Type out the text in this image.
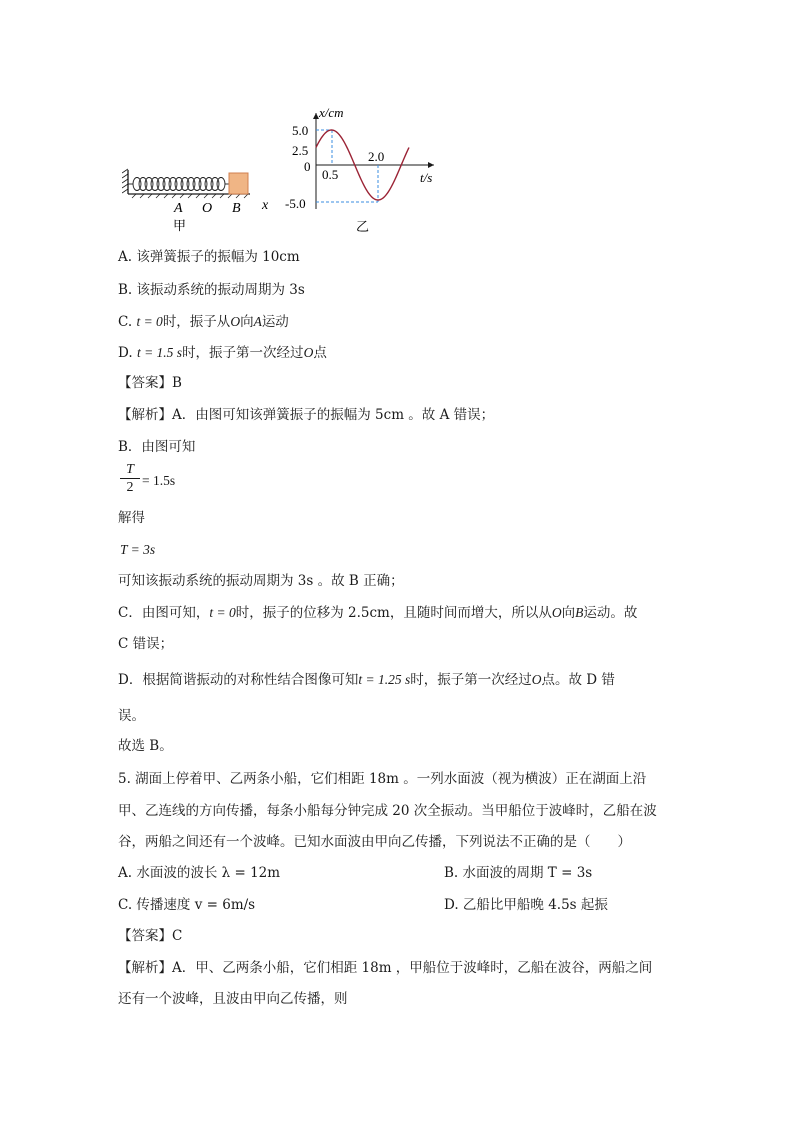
A O B x
甲
x/cm
t/s
5.0
2.5
0
-5.0
0.5
2.0
乙
A. 该弹簧振子的振幅为 10cm
B. 该振动系统的振动周期为 3s
C. t = 0时，振子从O向A运动
D. t = 1.5 s时，振子第一次经过O点
【答案】B
【解析】A．由图可知该弹簧振子的振幅为 5cm 。故 A 错误；
B．由图可知
T
2 = 1.5s
解得
T = 3s
可知该振动系统的振动周期为 3s 。故 B 正确；
C．由图可知，t = 0时，振子的位移为 2.5cm，且随时间而增大，所以从O向B运动。故
C 错误；
D．根据简谐振动的对称性结合图像可知t = 1.25 s时，振子第一次经过O点。故 D 错
误。
故选 B。
5. 湖面上停着甲、乙两条小船，它们相距 18m 。一列水面波（视为横波）正在湖面上沿
甲、乙连线的方向传播，每条小船每分钟完成 20 次全振动。当甲船位于波峰时，乙船在波
谷，两船之间还有一个波峰。已知水面波由甲向乙传播，下列说法不正确的是（　　）
A. 水面波的波长 λ = 12m	B. 水面波的周期 T = 3s
C. 传播速度 v = 6m/s	D. 乙船比甲船晚 4.5s 起振
【答案】C
【解析】A．甲、乙两条小船，它们相距 18m ，甲船位于波峰时，乙船在波谷，两船之间
还有一个波峰，且波由甲向乙传播，则
